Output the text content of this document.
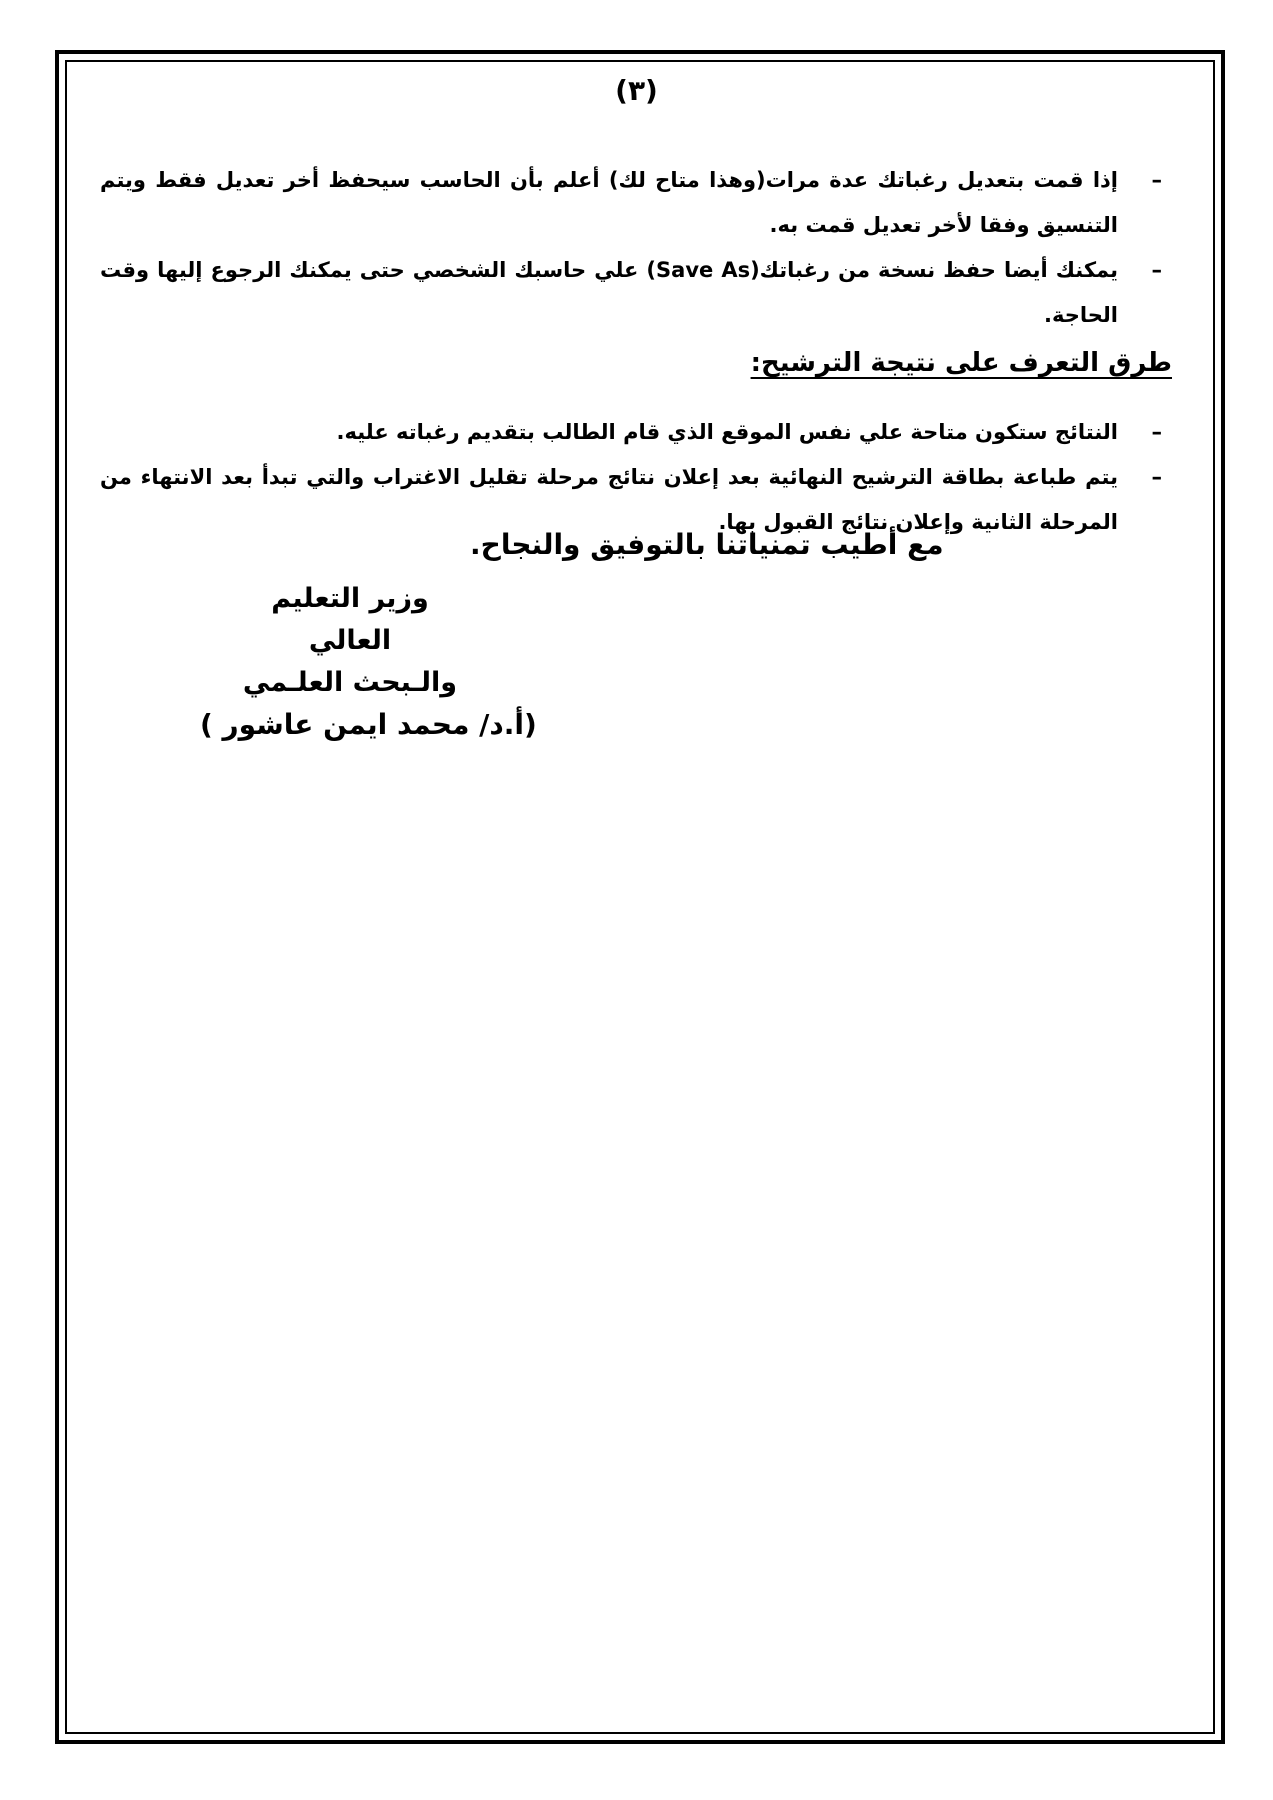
(٣)
–
إذا قمت بتعديل رغباتك عدة مرات(وهذا متاح لك) أعلم بأن الحاسب سيحفظ أخر تعديل فقط ويتم التنسيق وفقا لأخر تعديل قمت به.
–
يمكنك أيضا حفظ نسخة من رغباتك(Save As) علي حاسبك الشخصي حتى يمكنك الرجوع إليها وقت الحاجة.
طرق التعرف على نتيجة الترشيح:
–
النتائج ستكون متاحة علي نفس الموقع الذي قام الطالب بتقديم رغباته عليه.
–
يتم طباعة بطاقة الترشيح النهائية بعد إعلان نتائج مرحلة تقليل الاغتراب والتي تبدأ بعد الانتهاء من المرحلة الثانية وإعلان نتائج القبول بها.
مع أطيب تمنياتنا بالتوفيق والنجاح.
وزير التعليم العالي
والـبحث العلـمي
(أ.د/ محمد ايمن عاشور )
